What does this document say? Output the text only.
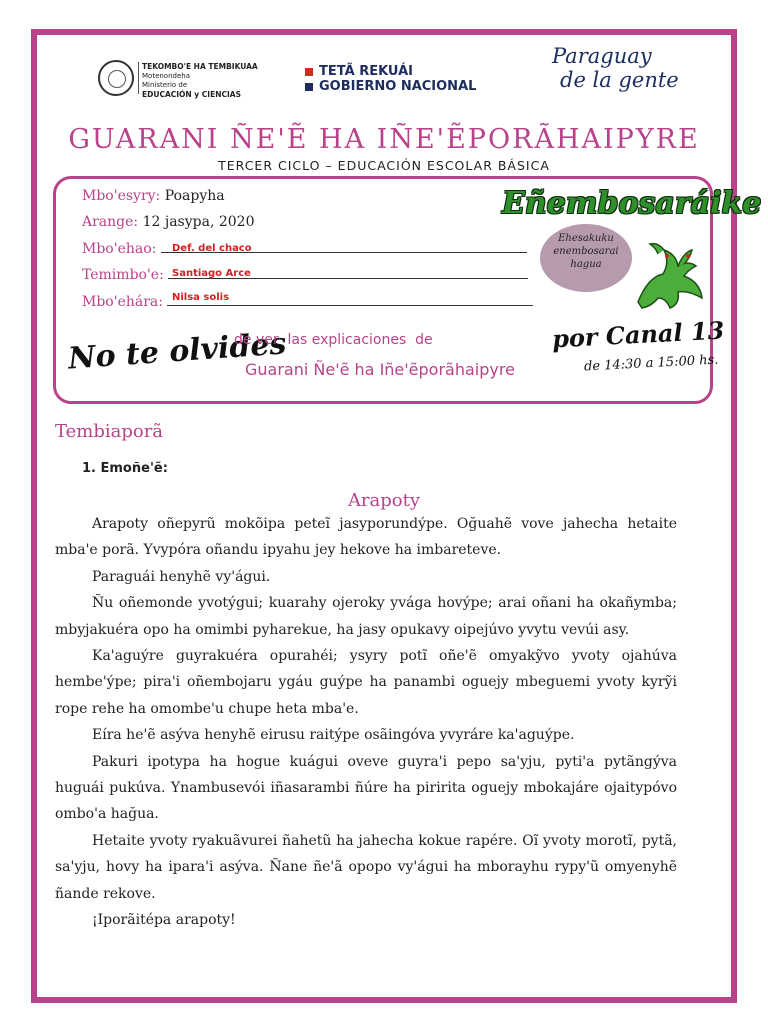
TEKOMBO'E HA TEMBIKUAA
Motenondeha
Ministerio de
EDUCACIÓN y CIENCIAS
TETÃ REKUÁI
GOBIERNO NACIONAL
Paraguay
de la gente
GUARANI ÑE'Ẽ HA IÑE'ẼPORÃHAIPYRE
TERCER CICLO – EDUCACIÓN ESCOLAR BÁSICA
Mbo'esyry: Poapyha
Arange: 12 jasypa, 2020
Mbo'ehao:
Temimbo'e:
Mbo'ehára:
Def. del chaco
Santiago Arce
Nilsa solis
Eñembosaráike
Ehesakuku enembosarai hagua
No te olvides
de ver  las explicaciones  de
Guarani Ñe'ẽ ha Iñe'ẽporãhaipyre
por Canal 13
de 14:30 a 15:00 hs.
Tembiaporã
1. Emoñe'ẽ:
Arapoty

Arapoty oñepyrũ mokõipa peteĩ jasyporundýpe. Oğuahẽ vove jahecha hetaite mba'e porã. Yvypóra oñandu ipyahu jey hekove ha imbareteve.

Paraguái henyhẽ vy'águi.

Ñu oñemonde yvotýgui; kuarahy ojeroky yvága hovýpe; arai oñani ha okañymba; mbyjakuéra opo ha omimbi pyharekue, ha jasy opukavy oipejúvo yvytu vevúi asy.

Ka'aguýre guyrakuéra opurahéi; ysyry potĩ oñe'ẽ omyakỹvo yvoty ojahúva hembe'ýpe; pira'i oñembojaru ygáu guýpe ha panambi oguejy mbeguemi yvoty kyrỹi rope rehe ha omombe'u chupe heta mba'e.

Eíra he'ẽ asýva henyhẽ eirusu raitýpe osãingóva yvyráre ka'aguýpe.

Pakuri ipotypa ha hogue kuágui oveve guyra'i pepo sa'yju, pyti'a pytãngýva huguái pukúva. Ynambusevói iñasarambi ñúre ha piririta oguejy mbokajáre ojaitypóvo ombo'a hağua.

Hetaite yvoty ryakuãvurei ñahetũ ha jahecha kokue rapére. Oĩ yvoty morotĩ, pytã, sa'yju, hovy ha ipara'i asýva. Ñane ñe'ã opopo vy'águi ha mborayhu rypy'ũ omyenyhẽ ñande rekove.

¡Iporãitépa arapoty!
